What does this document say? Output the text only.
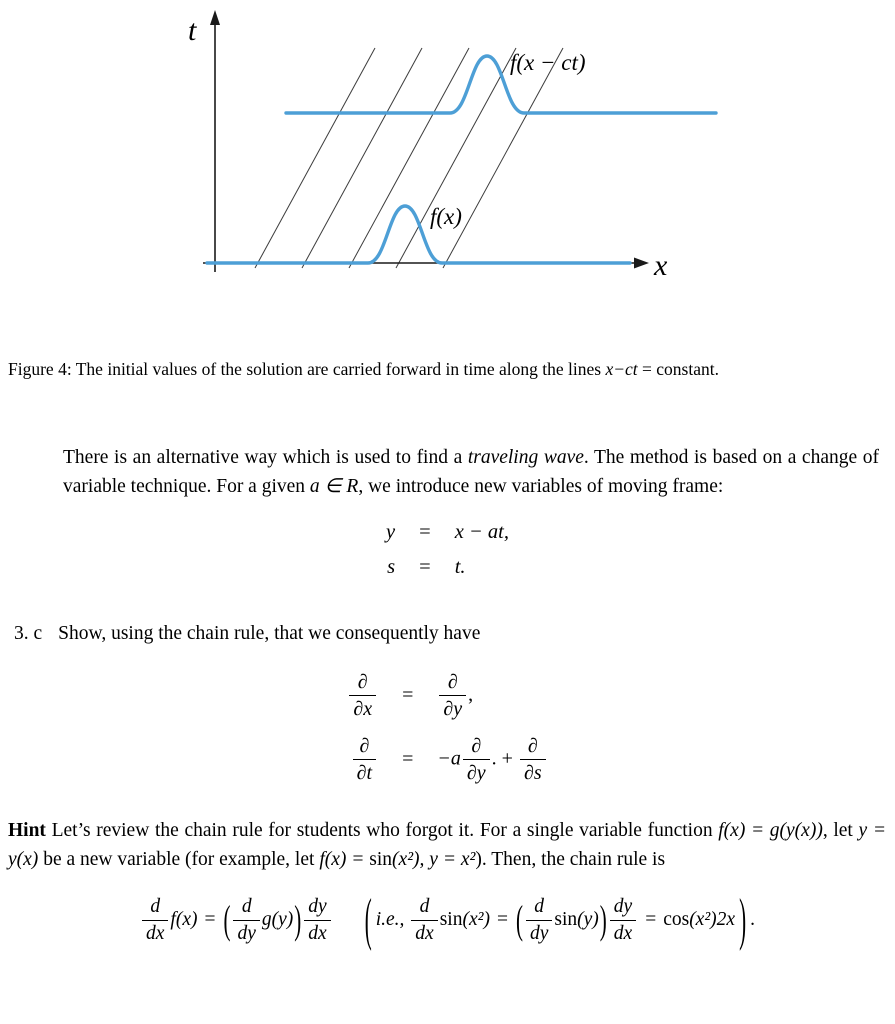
t
x
f(x)
f(x − ct)

Figure 4: The initial values of the solution are carried forward in time along the lines x−ct = constant.

There is an alternative way which is used to find a traveling wave. The method is based on a change of variable technique. For a given a ∈ R, we introduce new variables of moving frame:

y = x − at,
s = t.
3. c Show, using the chain rule, that we consequently have
$\frac{\partial}{\partial x} = \frac{\partial}{\partial y}$ ,
$\frac{\partial}{\partial t} = -a \frac{\partial}{\partial y}$ . + $\frac{\partial}{\partial s}$

Hint Let’s review the chain rule for students who forgot it. For a single variable function f(x) = g(y(x)), let y = y(x) be a new variable (for example, let f(x) = sin(x²), y = x²). Then, the chain rule is

$\frac{d}{dx} f(x)$ = ( $\frac{d}{dy} g(y)) \frac{dy}{dx}$ ( i.e., $\frac{d}{dx} \sin(x^2)$ = ( $\frac{d}{dy} \sin(y)) \frac{dy}{dx} = \cos(x^2)2x$ ) .
